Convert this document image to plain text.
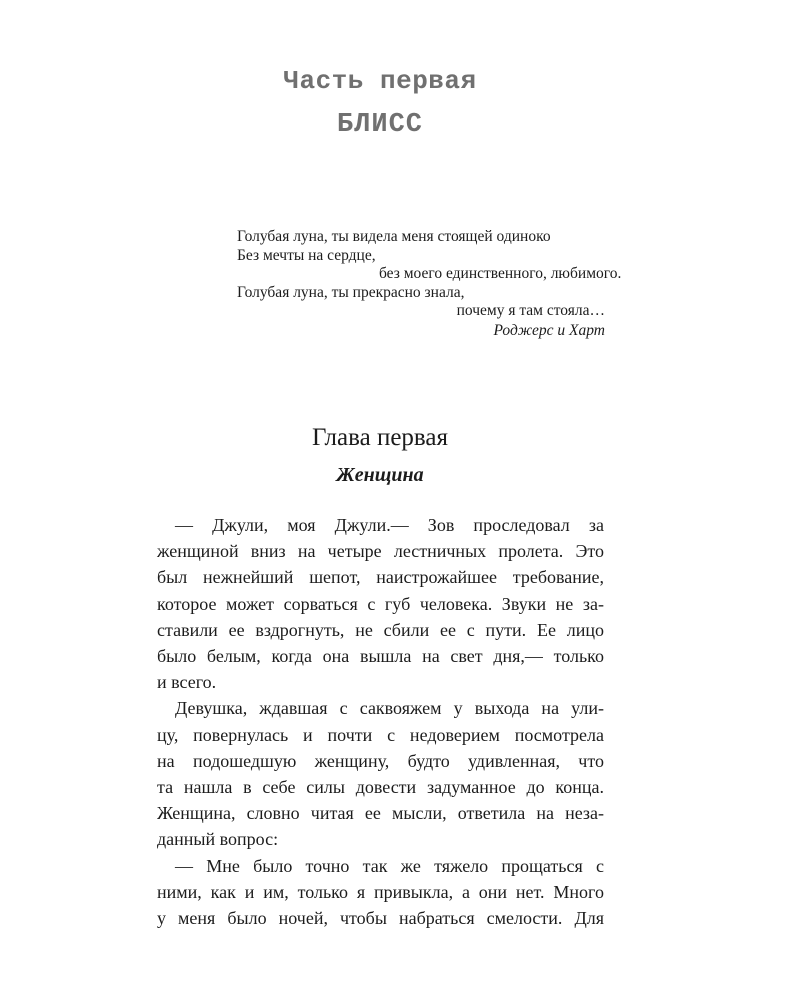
Часть первая
БЛИСС
Голубая луна, ты видела меня стоящей одиноко
Без мечты на сердце,
без моего единственного, любимого.
Голубая луна, ты прекрасно знала,
почему я там стояла…
Роджерс и Харт
Глава первая
Женщина
— Джули, моя Джули.— Зов проследовал за
женщиной вниз на четыре лестничных пролета. Это
был нежнейший шепот, наистрожайшее требование,
которое может сорваться с губ человека. Звуки не за-
ставили ее вздрогнуть, не сбили ее с пути. Ее лицо
было белым, когда она вышла на свет дня,— только
и всего.
Девушка, ждавшая с саквояжем у выхода на ули-
цу, повернулась и почти с недоверием посмотрела
на подошедшую женщину, будто удивленная, что
та нашла в себе силы довести задуманное до конца.
Женщина, словно читая ее мысли, ответила на неза-
данный вопрос:
— Мне было точно так же тяжело прощаться с
ними, как и им, только я привыкла, а они нет. Много
у меня было ночей, чтобы набраться смелости. Для
